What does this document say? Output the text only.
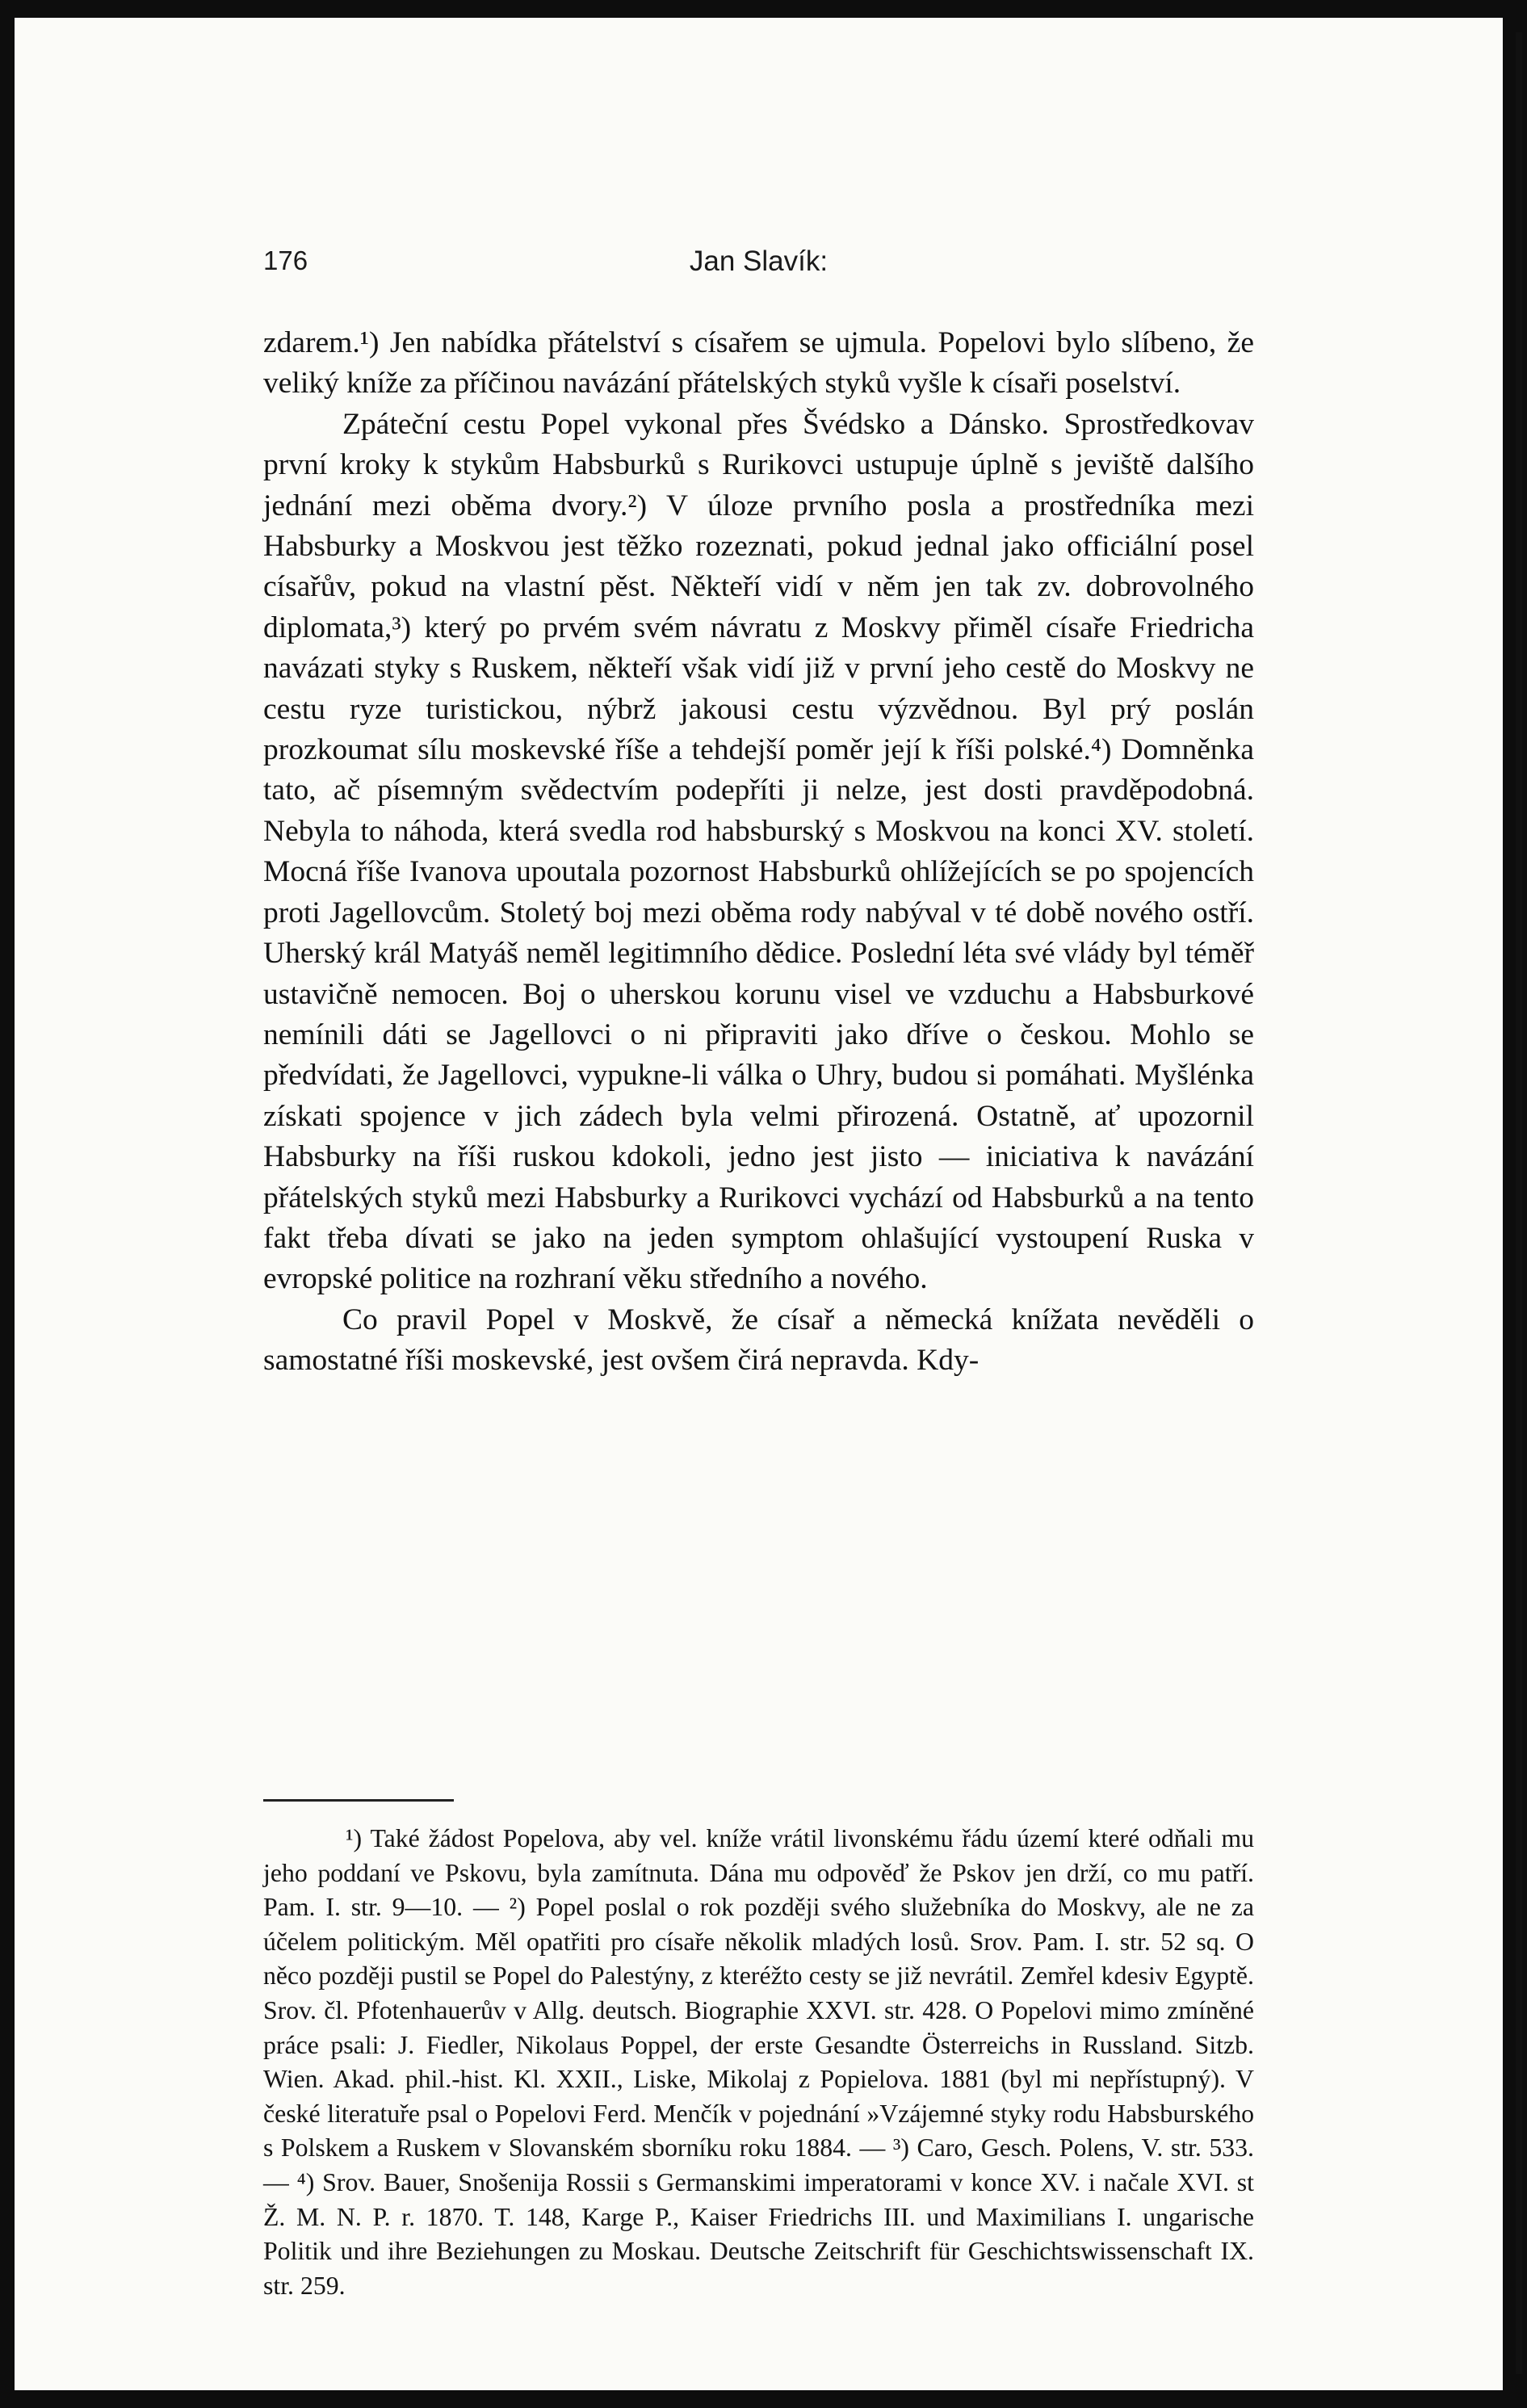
176	Jan Slavík:

zdarem.¹) Jen nabídka přátelství s císařem se ujmula. Popelovi bylo slíbeno, že veliký kníže za příčinou navázání přátelských styků vyšle k císaři poselství.

Zpáteční cestu Popel vykonal přes Švédsko a Dánsko. Sprostředkovav první kroky k stykům Habsburků s Rurikovci ustupuje úplně s jeviště dalšího jednání mezi oběma dvory.²) V úloze prvního posla a prostředníka mezi Habsburky a Moskvou jest těžko rozeznati, pokud jednal jako officiální posel císařův, pokud na vlastní pěst. Někteří vidí v něm jen tak zv. dobrovolného diplomata,³) který po prvém svém návratu z Moskvy přiměl císaře Friedricha navázati styky s Ruskem, někteří však vidí již v první jeho cestě do Moskvy ne cestu ryze turistickou, nýbrž jakousi cestu výzvědnou. Byl prý poslán prozkoumat sílu moskevské říše a tehdejší poměr její k říši polské.⁴) Domněnka tato, ač písemným svědectvím podepříti ji nelze, jest dosti pravděpodobná. Nebyla to náhoda, která svedla rod habsburský s Moskvou na konci XV. století. Mocná říše Ivanova upoutala pozornost Habsburků ohlížejících se po spojencích proti Jagellovcům. Stoletý boj mezi oběma rody nabýval v té době nového ostří. Uherský král Matyáš neměl legitimního dědice. Poslední léta své vlády byl téměř ustavičně nemocen. Boj o uherskou korunu visel ve vzduchu a Habsburkové nemínili dáti se Jagellovci o ni připraviti jako dříve o českou. Mohlo se předvídati, že Jagellovci, vypukne-li válka o Uhry, budou si pomáhati. Myšlénka získati spojence v jich zádech byla velmi přirozená. Ostatně, ať upozornil Habsburky na říši ruskou kdokoli, jedno jest jisto — iniciativa k navázání přátelských styků mezi Habsburky a Rurikovci vychází od Habsburků a na tento fakt třeba dívati se jako na jeden symptom ohlašující vystoupení Ruska v evropské politice na rozhraní věku středního a nového.

Co pravil Popel v Moskvě, že císař a německá knížata nevěděli o samostatné říši moskevské, jest ovšem čirá nepravda. Kdy-

¹) Také žádost Popelova, aby vel. kníže vrátil livonskému řádu území které odňali mu jeho poddaní ve Pskovu, byla zamítnuta. Dána mu odpověď že Pskov jen drží, co mu patří. Pam. I. str. 9—10. — ²) Popel poslal o rok později svého služebníka do Moskvy, ale ne za účelem politickým. Měl opatřiti pro císaře několik mladých losů. Srov. Pam. I. str. 52 sq. O něco později pustil se Popel do Palestýny, z kteréžto cesty se již nevrátil. Zemřel kdesiv Egyptě. Srov. čl. Pfotenhauerův v Allg. deutsch. Biographie XXVI. str. 428. O Popelovi mimo zmíněné práce psali: J. Fiedler, Nikolaus Poppel, der erste Gesandte Österreichs in Russland. Sitzb. Wien. Akad. phil.-hist. Kl. XXII., Liske, Mikolaj z Popielova. 1881 (byl mi nepřístupný). V české literatuře psal o Popelovi Ferd. Menčík v pojednání »Vzájemné styky rodu Habsburského s Polskem a Ruskem v Slovanském sborníku roku 1884. — ³) Caro, Gesch. Polens, V. str. 533. — ⁴) Srov. Bauer, Snošenija Rossii s Germanskimi imperatorami v konce XV. i načale XVI. st Ž. M. N. P. r. 1870. T. 148, Karge P., Kaiser Friedrichs III. und Maximilians I. ungarische Politik und ihre Beziehungen zu Moskau. Deutsche Zeitschrift für Geschichtswissenschaft IX. str. 259.
